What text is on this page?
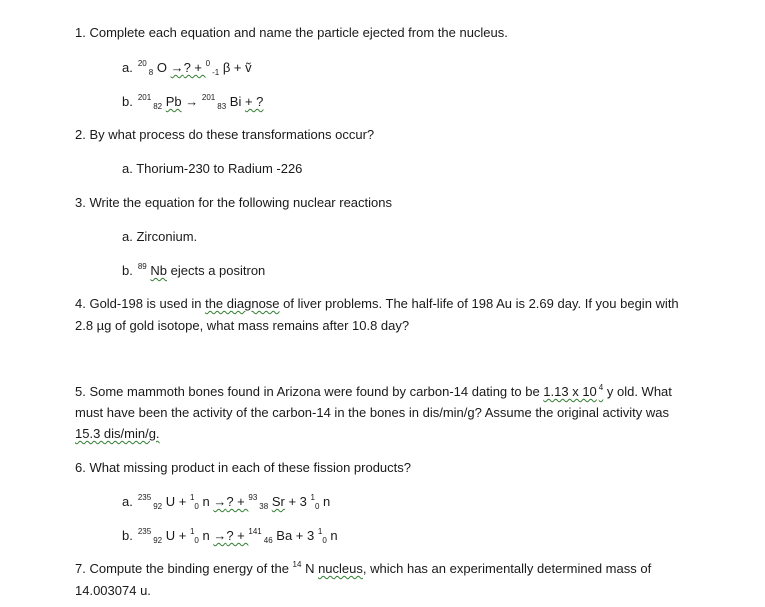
1. Complete each equation and name the particle ejected from the nucleus.
a. $^{20}_8$ O →? + $^0_{-1}$ β + ṽ
b. $^{201}_{82}$ Pb → $^{201}_{83}$ Bi + ?
2. By what process do these transformations occur?
a. Thorium-230 to Radium -226
3. Write the equation for the following nuclear reactions
a. Zirconium.
b. $^{89}$ Nb ejects a positron
4. Gold-198 is used in the diagnose of liver problems. The half-life of 198 Au is 2.69 day. If you begin with
2.8 µg of gold isotope, what mass remains after 10.8 day?
5. Some mammoth bones found in Arizona were found by carbon-14 dating to be 1.13 x 10 $^4$ y old. What
must have been the activity of the carbon-14 in the bones in dis/min/g? Assume the original activity was
15.3 dis/min/g.
6. What missing product in each of these fission products?
a. $^{235}_{92}$ U + $^1_0$ n →? + $^{93}_{38}$ Sr + 3 $^1_0$ n
b. $^{235}_{92}$ U + $^1_0$ n →? + $^{141}_{46}$ Ba + 3 $^1_0$ n
7. Compute the binding energy of the $^{14}$ N nucleus, which has an experimentally determined mass of
14.003074 u.
